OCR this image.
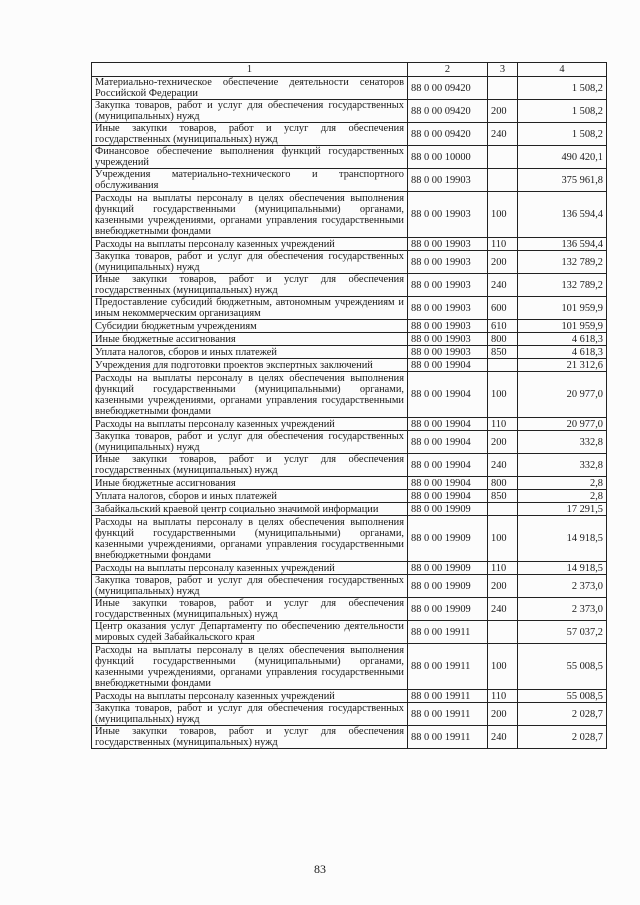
1	2	3	4
Материально-техническое обеспечение деятельности сенаторов Российской Федерации	88 0 00 09420		1 508,2
Закупка товаров, работ и услуг для обеспечения государственных (муниципальных) нужд	88 0 00 09420	200	1 508,2
Иные закупки товаров, работ и услуг для обеспечения государственных (муниципальных) нужд	88 0 00 09420	240	1 508,2
Финансовое обеспечение выполнения функций государственных учреждений	88 0 00 10000		490 420,1
Учреждения материально-технического и транспортного обслуживания	88 0 00 19903		375 961,8
Расходы на выплаты персоналу в целях обеспечения выполнения функций государственными (муниципальными) органами, казенными учреждениями, органами управления государственными внебюджетными фондами	88 0 00 19903	100	136 594,4
Расходы на выплаты персоналу казенных учреждений	88 0 00 19903	110	136 594,4
Закупка товаров, работ и услуг для обеспечения государственных (муниципальных) нужд	88 0 00 19903	200	132 789,2
Иные закупки товаров, работ и услуг для обеспечения государственных (муниципальных) нужд	88 0 00 19903	240	132 789,2
Предоставление субсидий бюджетным, автономным учреждениям и иным некоммерческим организациям	88 0 00 19903	600	101 959,9
Субсидии бюджетным учреждениям	88 0 00 19903	610	101 959,9
Иные бюджетные ассигнования	88 0 00 19903	800	4 618,3
Уплата налогов, сборов и иных платежей	88 0 00 19903	850	4 618,3
Учреждения для подготовки проектов экспертных заключений	88 0 00 19904		21 312,6
Расходы на выплаты персоналу в целях обеспечения выполнения функций государственными (муниципальными) органами, казенными учреждениями, органами управления государственными внебюджетными фондами	88 0 00 19904	100	20 977,0
Расходы на выплаты персоналу казенных учреждений	88 0 00 19904	110	20 977,0
Закупка товаров, работ и услуг для обеспечения государственных (муниципальных) нужд	88 0 00 19904	200	332,8
Иные закупки товаров, работ и услуг для обеспечения государственных (муниципальных) нужд	88 0 00 19904	240	332,8
Иные бюджетные ассигнования	88 0 00 19904	800	2,8
Уплата налогов, сборов и иных платежей	88 0 00 19904	850	2,8
Забайкальский краевой центр социально значимой информации	88 0 00 19909		17 291,5
Расходы на выплаты персоналу в целях обеспечения выполнения функций государственными (муниципальными) органами, казенными учреждениями, органами управления государственными внебюджетными фондами	88 0 00 19909	100	14 918,5
Расходы на выплаты персоналу казенных учреждений	88 0 00 19909	110	14 918,5
Закупка товаров, работ и услуг для обеспечения государственных (муниципальных) нужд	88 0 00 19909	200	2 373,0
Иные закупки товаров, работ и услуг для обеспечения государственных (муниципальных) нужд	88 0 00 19909	240	2 373,0
Центр оказания услуг Департаменту по обеспечению деятельности мировых судей Забайкальского края	88 0 00 19911		57 037,2
Расходы на выплаты персоналу в целях обеспечения выполнения функций государственными (муниципальными) органами, казенными учреждениями, органами управления государственными внебюджетными фондами	88 0 00 19911	100	55 008,5
Расходы на выплаты персоналу казенных учреждений	88 0 00 19911	110	55 008,5
Закупка товаров, работ и услуг для обеспечения государственных (муниципальных) нужд	88 0 00 19911	200	2 028,7
Иные закупки товаров, работ и услуг для обеспечения государственных (муниципальных) нужд	88 0 00 19911	240	2 028,7
83
